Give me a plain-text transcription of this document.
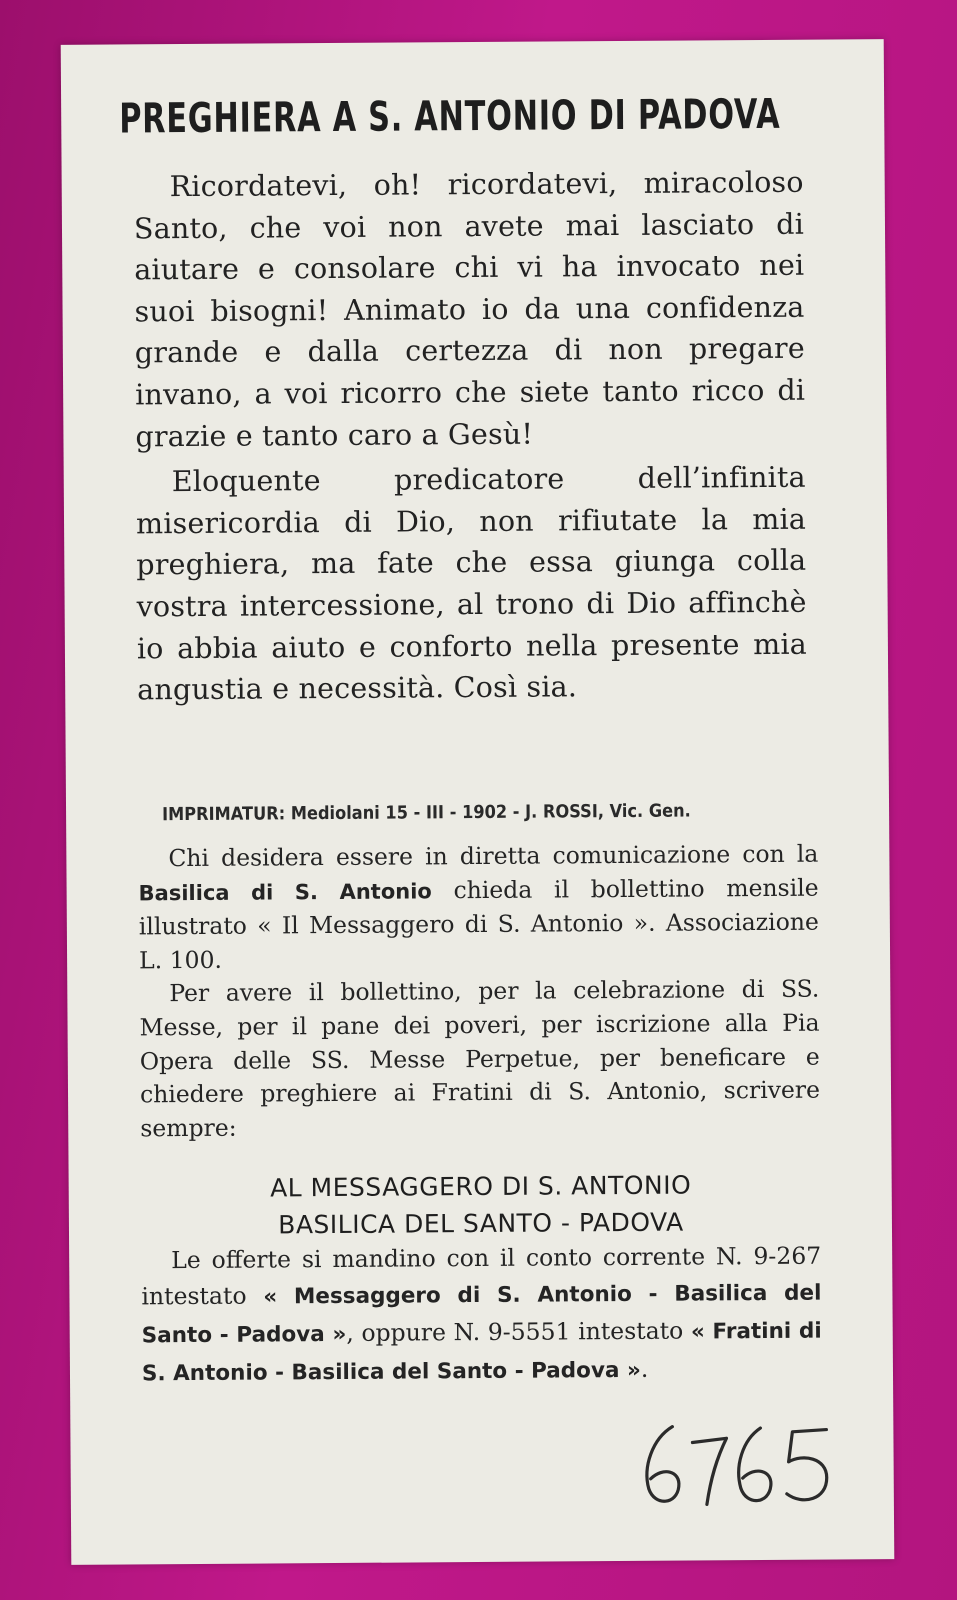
PREGHIERA A S. ANTONIO DI PADOVA

Ricordatevi, oh! ricordatevi, miracoloso Santo, che voi non avete mai lasciato di aiutare e consolare chi vi ha invocato nei suoi bisogni! Animato io da una confidenza grande e dalla certezza di non pregare invano, a voi ricorro che siete tanto ricco di grazie e tanto caro a Gesù!

Eloquente predicatore dell’infinita misericordia di Dio, non rifiutate la mia preghiera, ma fate che essa giunga colla vostra intercessione, al trono di Dio affinchè io abbia aiuto e conforto nella presente mia angustia e necessità. Così sia.

IMPRIMATUR: Mediolani 15 - III - 1902 - J. ROSSI, Vic. Gen.

Chi desidera essere in diretta comunicazione con la Basilica di S. Antonio chieda il bollettino mensile illustrato « Il Messaggero di S. Antonio ». Associazione L. 100.

Per avere il bollettino, per la celebrazione di SS. Messe, per il pane dei poveri, per iscrizione alla Pia Opera delle SS. Messe Perpetue, per beneficare e chiedere preghiere ai Fratini di S. Antonio, scrivere sempre:

AL MESSAGGERO DI S. ANTONIO
BASILICA DEL SANTO - PADOVA

Le offerte si mandino con il conto corrente N. 9-267 intestato « Messaggero di S. Antonio - Basilica del Santo - Padova », oppure N. 9-5551 intestato « Fratini di S. Antonio - Basilica del Santo - Padova ».
